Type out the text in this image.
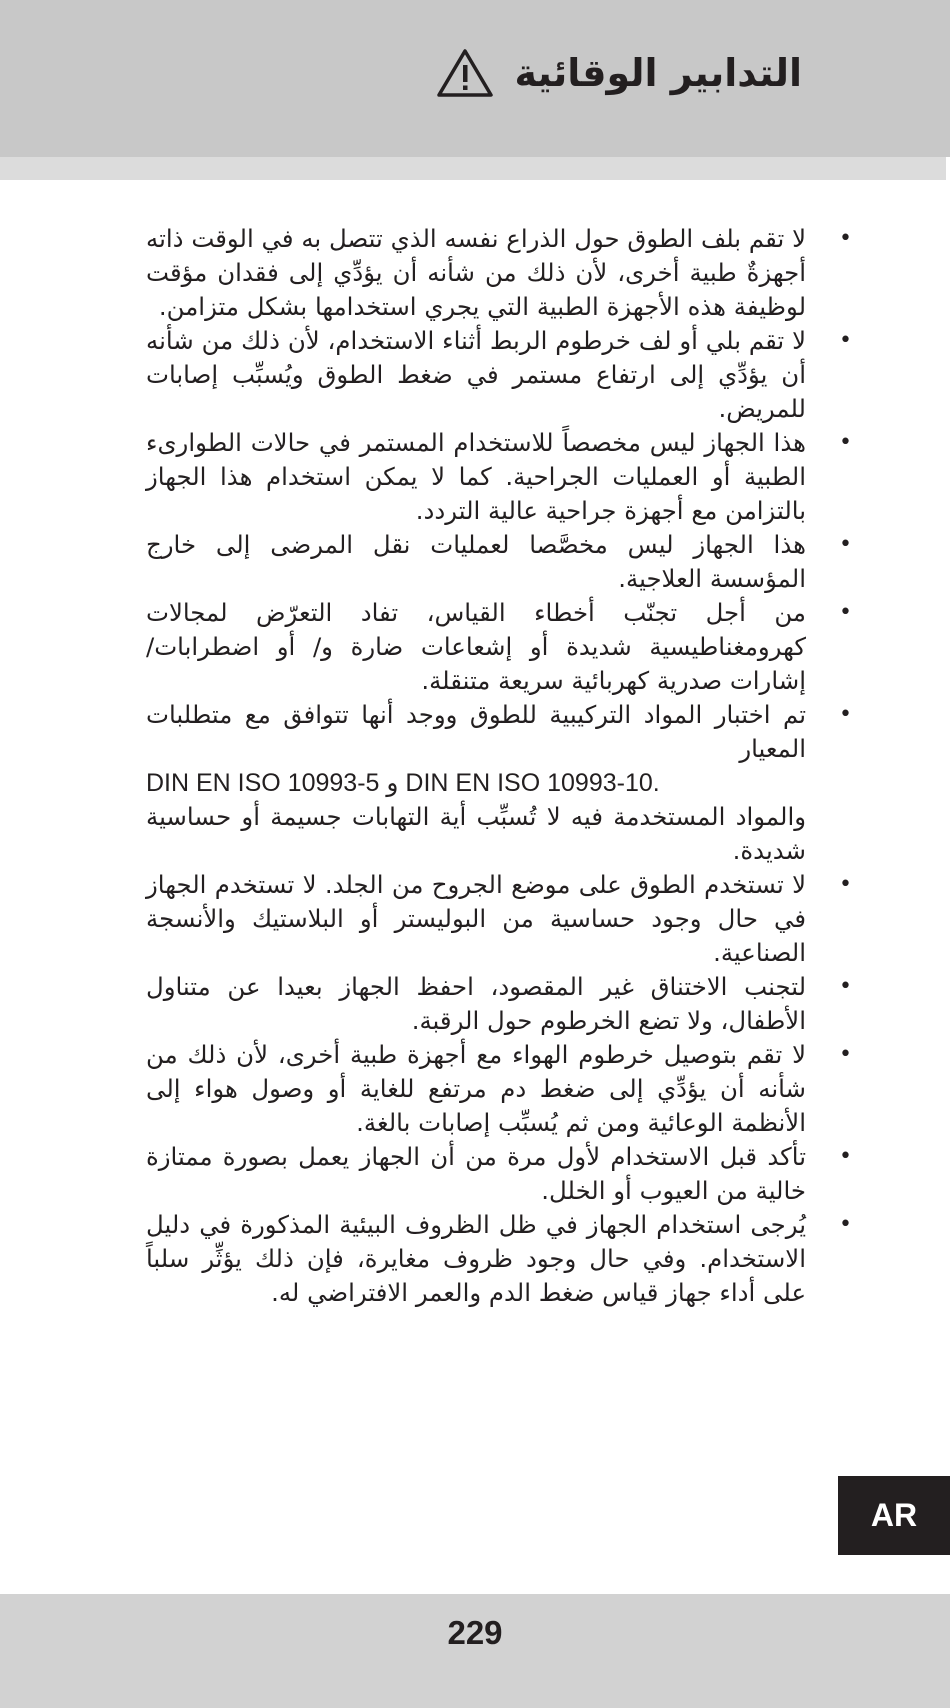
التدابير الوقائية
•

لا تقم بلف الطوق حول الذراع نفسه الذي تتصل به في الوقت ذاته أجهزةٌ طبية أخرى، لأن ذلك من شأنه أن يؤدِّي إلى فقدان مؤقت لوظيفة هذه الأجهزة الطبية التي يجري استخدامها بشكل متزامن.

•

لا تقم بلي أو لف خرطوم الربط أثناء الاستخدام، لأن ذلك من شأنه أن يؤدِّي إلى ارتفاع مستمر في ضغط الطوق ويُسبِّب إصابات للمريض.

•

هذا الجهاز ليس مخصصاً للاستخدام المستمر في حالات الطوارىء الطبية أو العمليات الجراحية. كما لا يمكن استخدام هذا الجهاز بالتزامن مع أجهزة جراحية عالية التردد.

•

هذا الجهاز ليس مخصَّصا لعمليات نقل المرضى إلى خارج المؤسسة العلاجية.

•

من أجل تجنّب أخطاء القياس، تفاد التعرّض لمجالات كهرومغناطيسية شديدة أو إشعاعات ضارة و/ أو اضطرابات/إشارات صدرية كهربائية سريعة متنقلة.

•

تم اختبار المواد التركيبية للطوق ووجد أنها تتوافق مع متطلبات المعيار

DIN EN ISO 10993-5 و DIN EN ISO 10993-10.

والمواد المستخدمة فيه لا تُسبِّب أية التهابات جسيمة أو حساسية شديدة.

•

لا تستخدم الطوق على موضع الجروح من الجلد. لا تستخدم الجهاز في حال وجود حساسية من البوليستر أو البلاستيك والأنسجة الصناعية.

•

لتجنب الاختناق غير المقصود، احفظ الجهاز بعيدا عن متناول الأطفال، ولا تضع الخرطوم حول الرقبة.

•

لا تقم بتوصيل خرطوم الهواء مع أجهزة طبية أخرى، لأن ذلك من شأنه أن يؤدِّي إلى ضغط دم مرتفع للغاية أو وصول هواء إلى الأنظمة الوعائية ومن ثم يُسبِّب إصابات بالغة.

•

تأكد قبل الاستخدام لأول مرة من أن الجهاز يعمل بصورة ممتازة خالية من العيوب أو الخلل.

•

يُرجى استخدام الجهاز في ظل الظروف البيئية المذكورة في دليل الاستخدام. وفي حال وجود ظروف مغايرة، فإن ذلك يؤثِّر سلباً على أداء جهاز قياس ضغط الدم والعمر الافتراضي له.

AR
229
